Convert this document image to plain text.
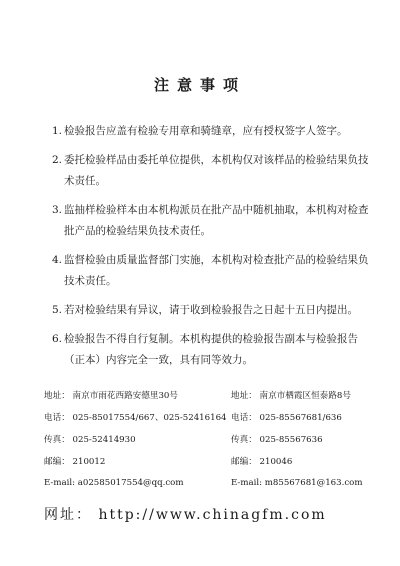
注意事项
1. 检验报告应盖有检验专用章和骑缝章，应有授权签字人签字。
2. 委托检验样品由委托单位提供，本机构仅对该样品的检验结果负技术责任。
3. 监抽样检验样本由本机构派员在批产品中随机抽取，本机构对检查批产品的检验结果负技术责任。
4. 监督检验由质量监督部门实施，本机构对检查批产品的检验结果负技术责任。
5. 若对检验结果有异议，请于收到检验报告之日起十五日内提出。
6. 检验报告不得自行复制。本机构提供的检验报告副本与检验报告（正本）内容完全一致，具有同等效力。
地址： 南京市雨花西路安德里30号	地址： 南京市栖霞区恒泰路8号
电话： 025-85017554/667、025-52416164 电话： 025-85567681/636
传真： 025-52414930	传真： 025-85567636
邮编： 210012	邮编： 210046
E-mail: a02585017554@qq.com	E-mail: m85567681@163.com
网址： http://www.chinagfm.com
